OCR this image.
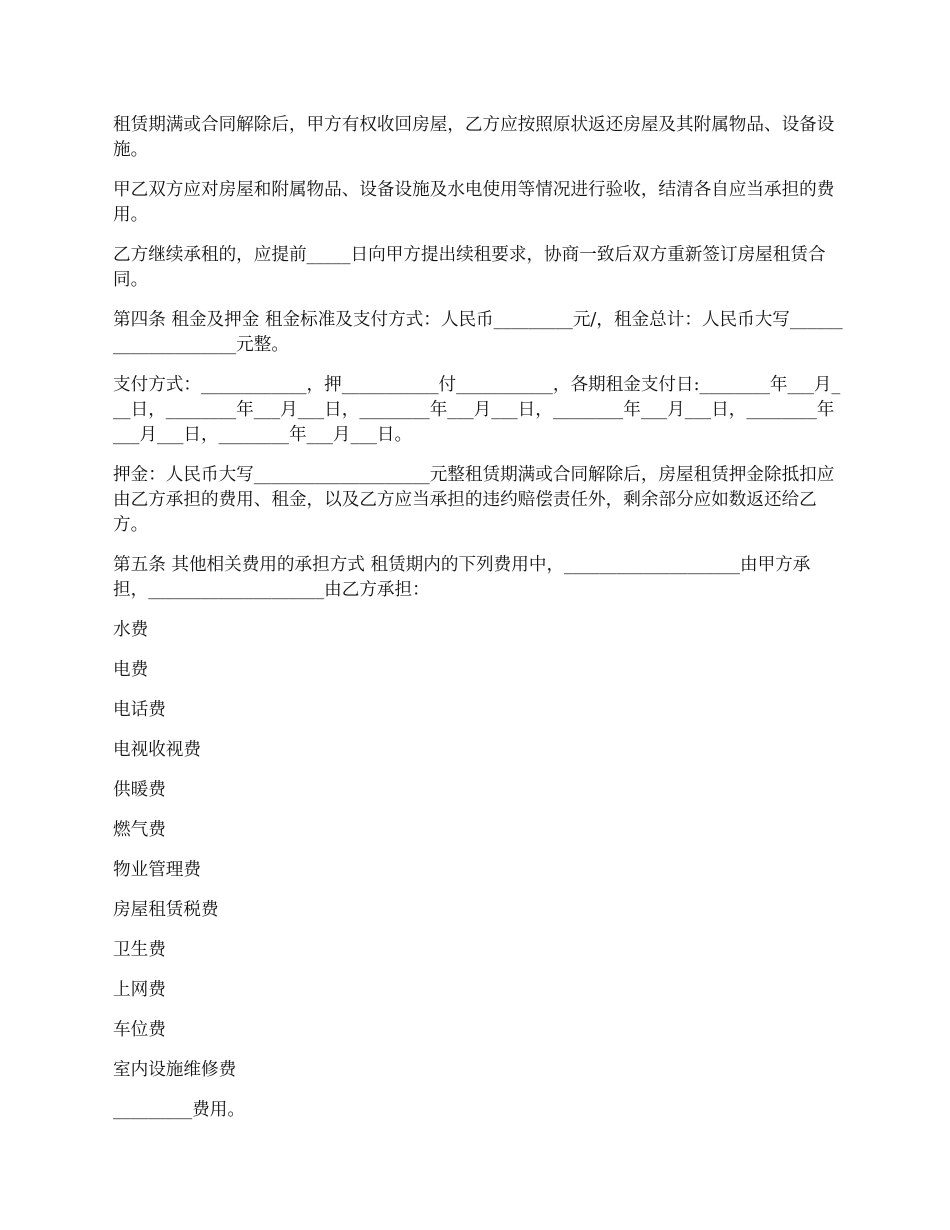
租赁期满或合同解除后，甲方有权收回房屋，乙方应按照原状返还房屋及其附属物品、设备设施。

甲乙双方应对房屋和附属物品、设备设施及水电使用等情况进行验收，结清各自应当承担的费用。

乙方继续承租的，应提前_____日向甲方提出续租要求，协商一致后双方重新签订房屋租赁合同。

第四条 租金及押金 租金标准及支付方式：人民币_________元/，租金总计：人民币大写____________________元整。

支付方式：____________，押___________付___________，各期租金支付日:________年___月___日，________年___月___日，________年___月___日，________年___月___日，________年___月___日，________年___月___日。

押金：人民币大写____________________元整租赁期满或合同解除后，房屋租赁押金除抵扣应由乙方承担的费用、租金，以及乙方应当承担的违约赔偿责任外，剩余部分应如数返还给乙方。

第五条 其他相关费用的承担方式 租赁期内的下列费用中，____________________由甲方承担，____________________由乙方承担：

水费

电费

电话费

电视收视费

供暖费

燃气费

物业管理费

房屋租赁税费

卫生费

上网费

车位费

室内设施维修费

_________费用。
